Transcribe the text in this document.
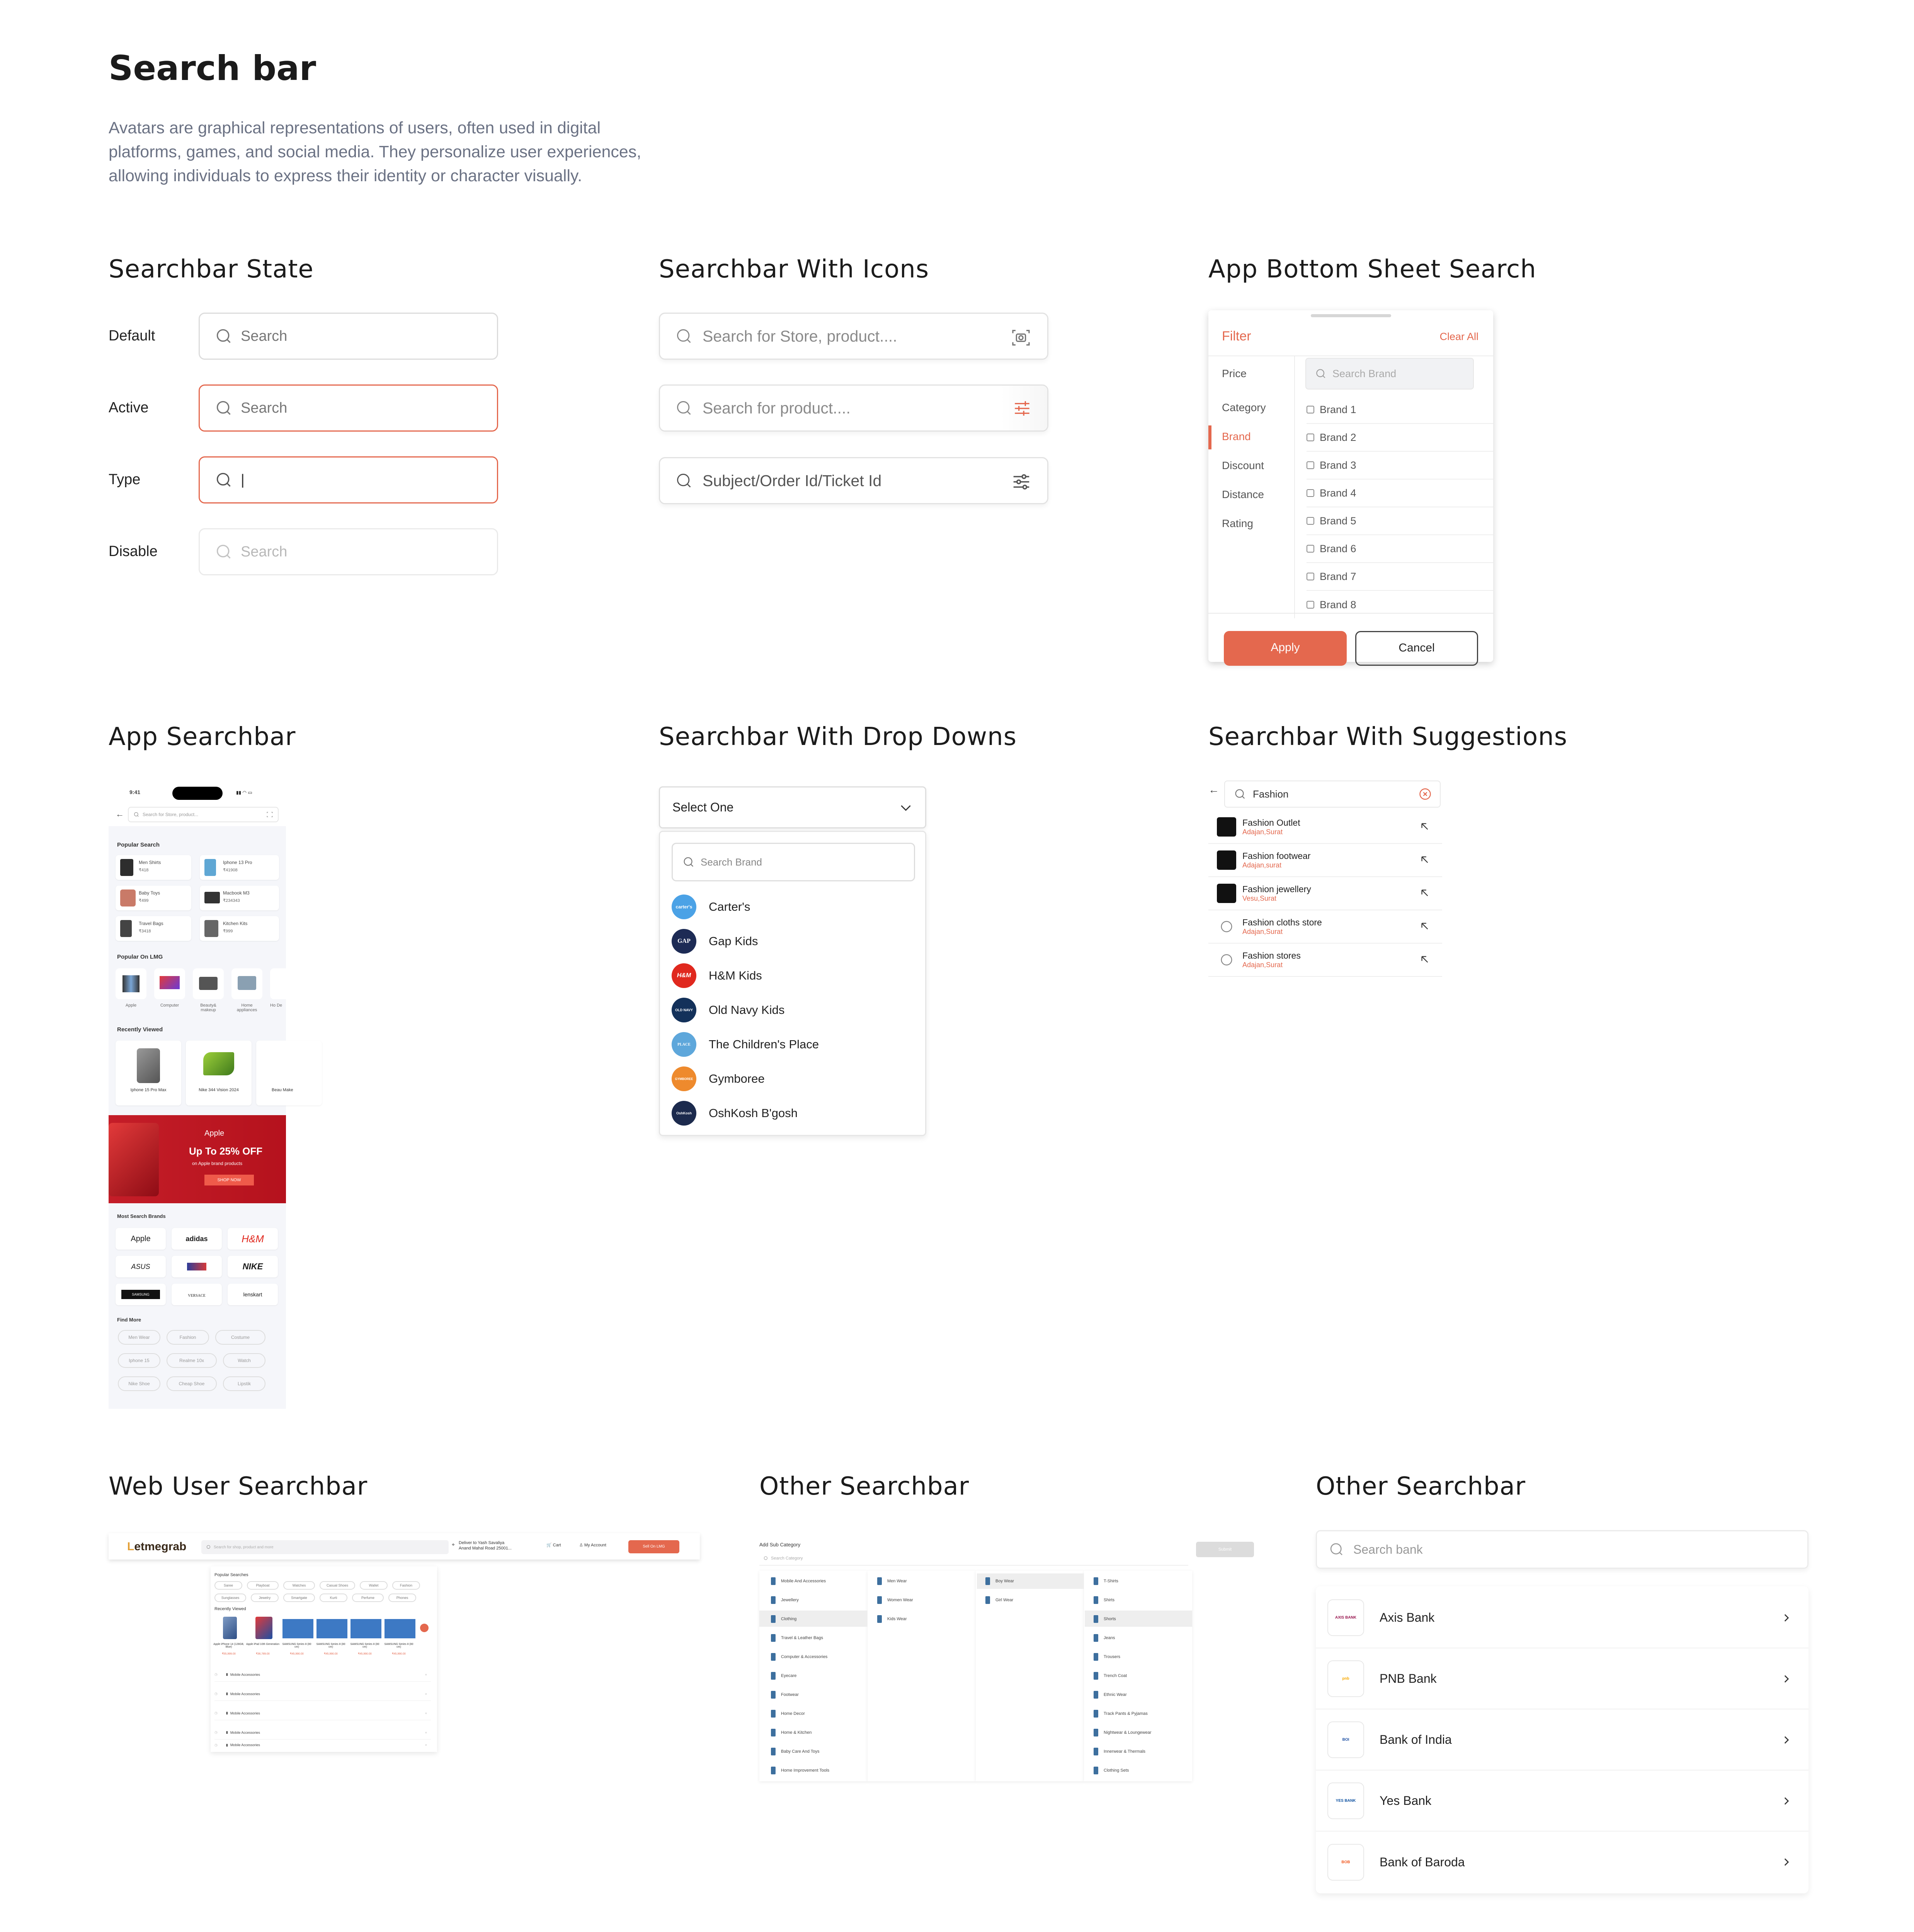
Search bar
Avatars are graphical representations of users, often used in digital platforms, games, and social media. They personalize user experiences, allowing individuals to express their identity or character visually.
Searchbar State
Default
Active
Type
Disable
Search
Search
|
Search
Searchbar With Icons
Search for Store, product....
Search for product....
Subject/Order Id/Ticket Id
App Bottom Sheet Search
Filter	Clear All
Price
Category
Brand
Discount
Distance
Rating
Search Brand
Brand 1
Brand 2
Brand 3
Brand 4
Brand 5
Brand 6
Brand 7
Brand 8
Apply	Cancel
App Searchbar
9:41	▮▮ ◠ ▭
←	Search for Store, product...
Popular Search
Men Shirts
₹418
Iphone 13 Pro
₹41908
Baby Toys
₹499
Macbook M3
₹234343
Travel Bags
₹3418
Kitchen Kits
₹999
Popular On LMG
Apple	Computer	Beauty& makeup
Home appliances
Ho De
Recently Viewed
Iphone 15 Pro Max	Nike 344 Vision 2024	Beau Make
Apple
Up To 25% OFF
on Apple brand products
SHOP NOW
Most Search Brands
Apple	adidas	H&M
ASUS	NIKE
SAMSUNG	VERSACE	lenskart
Find More
Men Wear	Fashion	Costume
Iphone 15	Realme 10x	Watch
Nike Shoe	Cheap Shoe	Lipstik
Searchbar With Drop Downs
Select One
Search Brand
carter's	Carter's
GAP	Gap Kids
H&M	H&M Kids
OLD NAVY Old Navy Kids
PLACE	The Children's Place
GYMBOREE Gymboree
OshKosh	OshKosh B'gosh
Searchbar With Suggestions
←	Fashion
Fashion Outlet
Adajan,Surat
Fashion footwear
Adajan,surat
Fashion jewellery
Vesu,Surat
Fashion cloths store
Adajan,Surat
Fashion stores
Adajan,Surat
Web User Searchbar
Letmegrab	Search for shop, product and more	⌖ Deliver to Yash Savaliya
Anand Mahal Road 25001...
🛒 Cart	♙ My Account	Sell On LMG
Popular Searches
Saree	Playboat	Watches	Casual Shoes	Wallet	Fashion
Sunglasses	Jewelry	Smartgate	Kurti	Perfume	Phones
Recently Viewed
Apple iPhone 14 (128GB, Blue)
Apple iPad 10th Generation	SAMSUNG Series 8 (80 cm)
SAMSUNG Series 8 (80 cm)
SAMSUNG Series 8 (80 cm)
SAMSUNG Series 8 (80 cm)
₹55,999.00	₹36,789.00	₹45,990.00	₹45,990.00	₹45,990.00	₹45,990.00
◷ ▮ Mobile Accessories	×
◷ ▮ Mobile Accessories	×
◷ ▮ Mobile Accessories	×
◷ ▮ Mobile Accessories	×
◷ ▮ Mobile Accessories	×
Other Searchbar
Add Sub Category
Search Category
Submit
Mobile And Accessories
Jewellery
Clothing
Travel & Leather Bags
Computer & Accessories
Eyecare
Footwear
Home Decor
Home & Kitchen
Baby Care And Toys
Home Improvement Tools
Men Wear
Women Wear
Kids Wear
Boy Wear
Girl Wear
T-Shirts
Shirts
Shorts
Jeans
Trousers
Trench Coat
Ethnic Wear
Track Pants & Pyjamas
Nightwear & Loungewear
Innerwear & Thermals
Clothing Sets
Other Searchbar
Search bank
AXIS BANK	Axis Bank
pnb	PNB Bank
BOI	Bank of India
YES BANK	Yes Bank
BOB	Bank of Baroda
